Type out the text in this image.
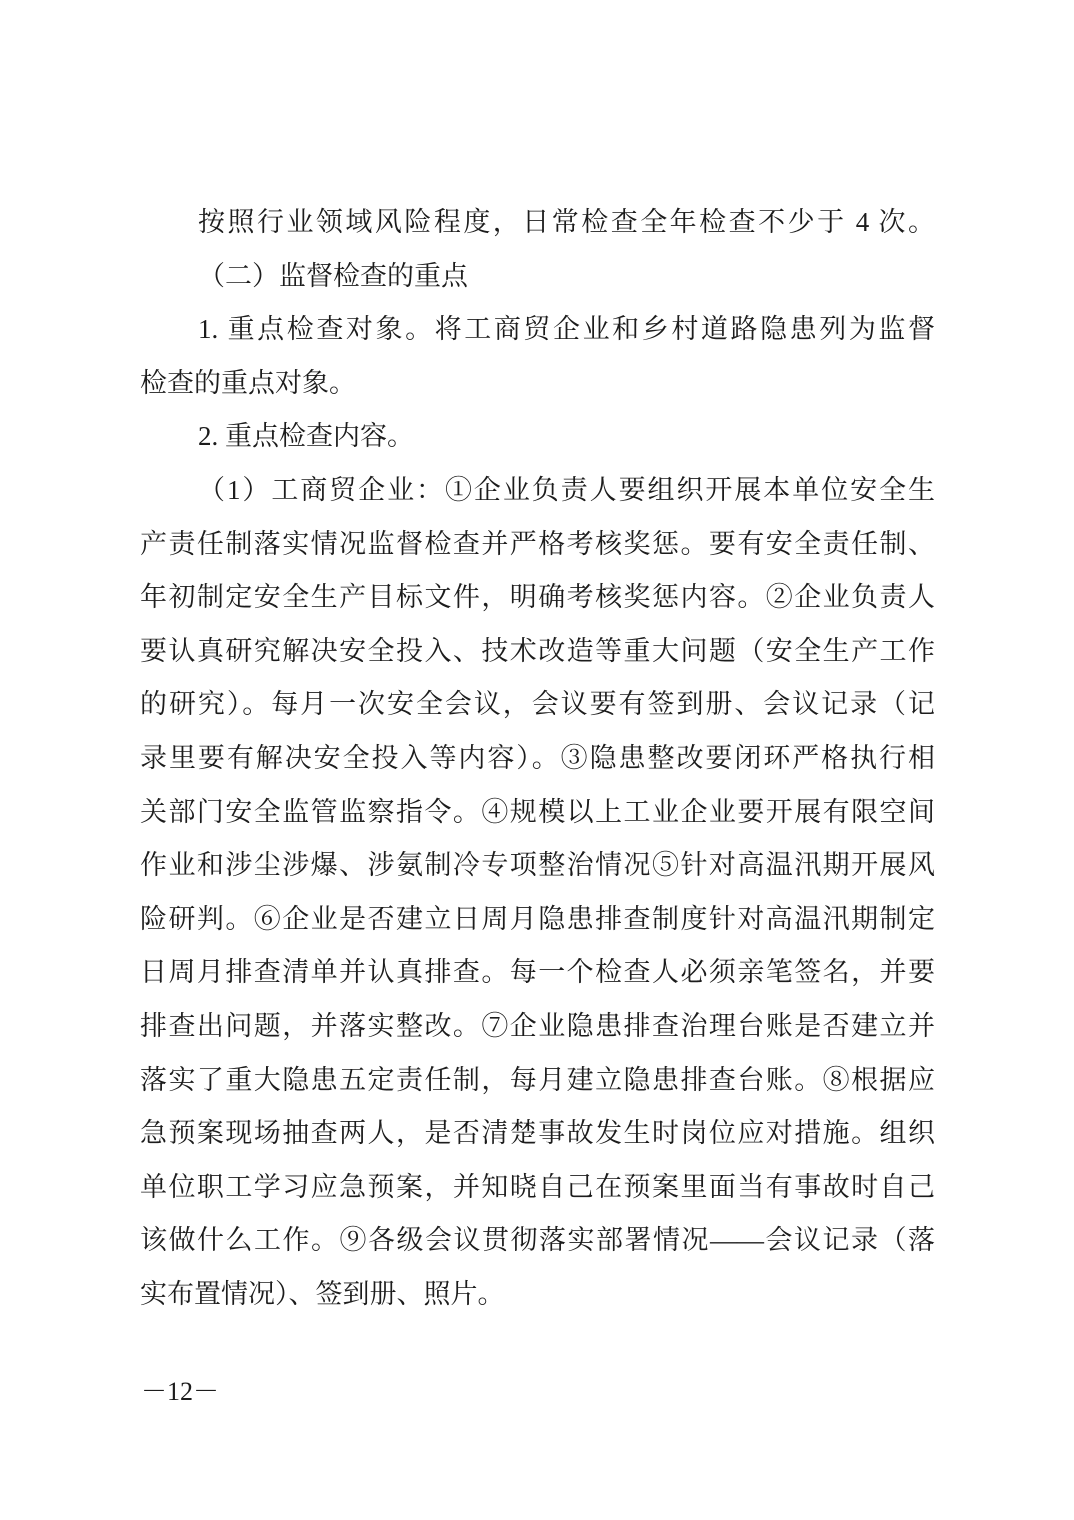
按照行业领域风险程度，日常检查全年检查不少于 4 次。
（二）监督检查的重点
1. 重点检查对象。将工商贸企业和乡村道路隐患列为监督
检查的重点对象。
2. 重点检查内容。
（1）工商贸企业：①企业负责人要组织开展本单位安全生
产责任制落实情况监督检查并严格考核奖惩。要有安全责任制、
年初制定安全生产目标文件，明确考核奖惩内容。②企业负责人
要认真研究解决安全投入、技术改造等重大问题（安全生产工作
的研究）。每月一次安全会议，会议要有签到册、会议记录（记
录里要有解决安全投入等内容）。③隐患整改要闭环严格执行相
关部门安全监管监察指令。④规模以上工业企业要开展有限空间
作业和涉尘涉爆、涉氨制冷专项整治情况⑤针对高温汛期开展风
险研判。⑥企业是否建立日周月隐患排查制度针对高温汛期制定
日周月排查清单并认真排查。每一个检查人必须亲笔签名，并要
排查出问题，并落实整改。⑦企业隐患排查治理台账是否建立并
落实了重大隐患五定责任制，每月建立隐患排查台账。⑧根据应
急预案现场抽查两人，是否清楚事故发生时岗位应对措施。组织
单位职工学习应急预案，并知晓自己在预案里面当有事故时自己
该做什么工作。⑨各级会议贯彻落实部署情况——会议记录（落
实布置情况）、签到册、照片。
－12－
